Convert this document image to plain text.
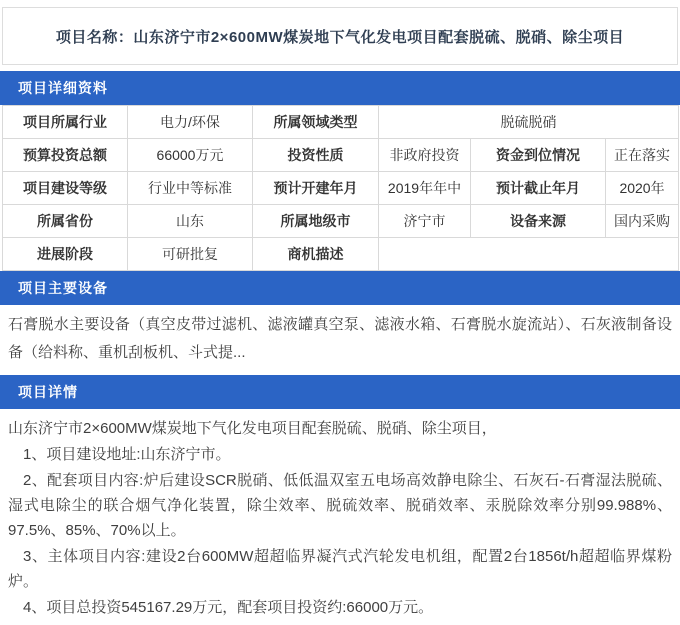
项目名称：山东济宁市2×600MW煤炭地下气化发电项目配套脱硫、脱硝、除尘项目
项目详细资料
项目所属行业	电力/环保	所属领域类型	脱硫脱硝		
预算投资总额	66000万元	投资性质	非政府投资	资金到位情况	正在落实
项目建设等级	行业中等标准	预计开建年月	2019年年中	预计截止年月	2020年
所属省份	山东	所属地级市	济宁市	设备来源	国内采购
进展阶段	可研批复	商机描述			
项目主要设备
石膏脱水主要设备（真空皮带过滤机、滤液罐真空泵、滤液水箱、石膏脱水旋流站）、石灰液制备设备（给料称、重机刮板机、斗式提...
项目详情

山东济宁市2×600MW煤炭地下气化发电项目配套脱硫、脱硝、除尘项目，

1、项目建设地址:山东济宁市。

2、配套项目内容:炉后建设SCR脱硝、低低温双室五电场高效静电除尘、石灰石-石膏湿法脱硫、湿式电除尘的联合烟气净化装置，除尘效率、脱硫效率、脱硝效率、汞脱除效率分别99.988%、97.5%、85%、70%以上。

3、主体项目内容:建设2台600MW超超临界凝汽式汽轮发电机组，配置2台1856t/h超超临界煤粉炉。

4、项目总投资545167.29万元，配套项目投资约:66000万元。
